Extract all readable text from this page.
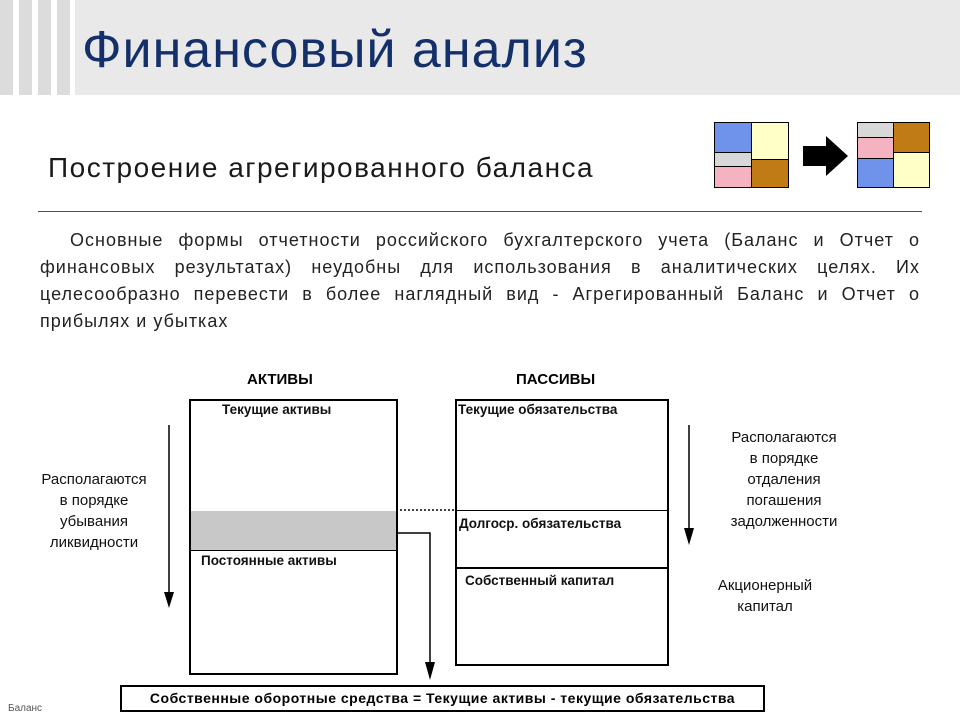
Финансовый анализ
Построение агрегированного баланса

Основные формы отчетности российского бухгалтерского учета (Баланс и Отчет о финансовых результатах) неудобны для использования в аналитических целях. Их целесообразно перевести в более наглядный вид - Агрегированный Баланс и Отчет о прибылях и убытках

АКТИВЫ	ПАССИВЫ
Текущие активы
Постоянные активы
Текущие обязательства
Долгоср. обязательства
Собственный капитал
Располагаются
в порядке
убывания
ликвидности
Располагаются
в порядке
отдаления
погашения
задолженности
Акционерный
капитал
Собственные оборотные средства = Текущие активы - текущие обязательства
Баланс
